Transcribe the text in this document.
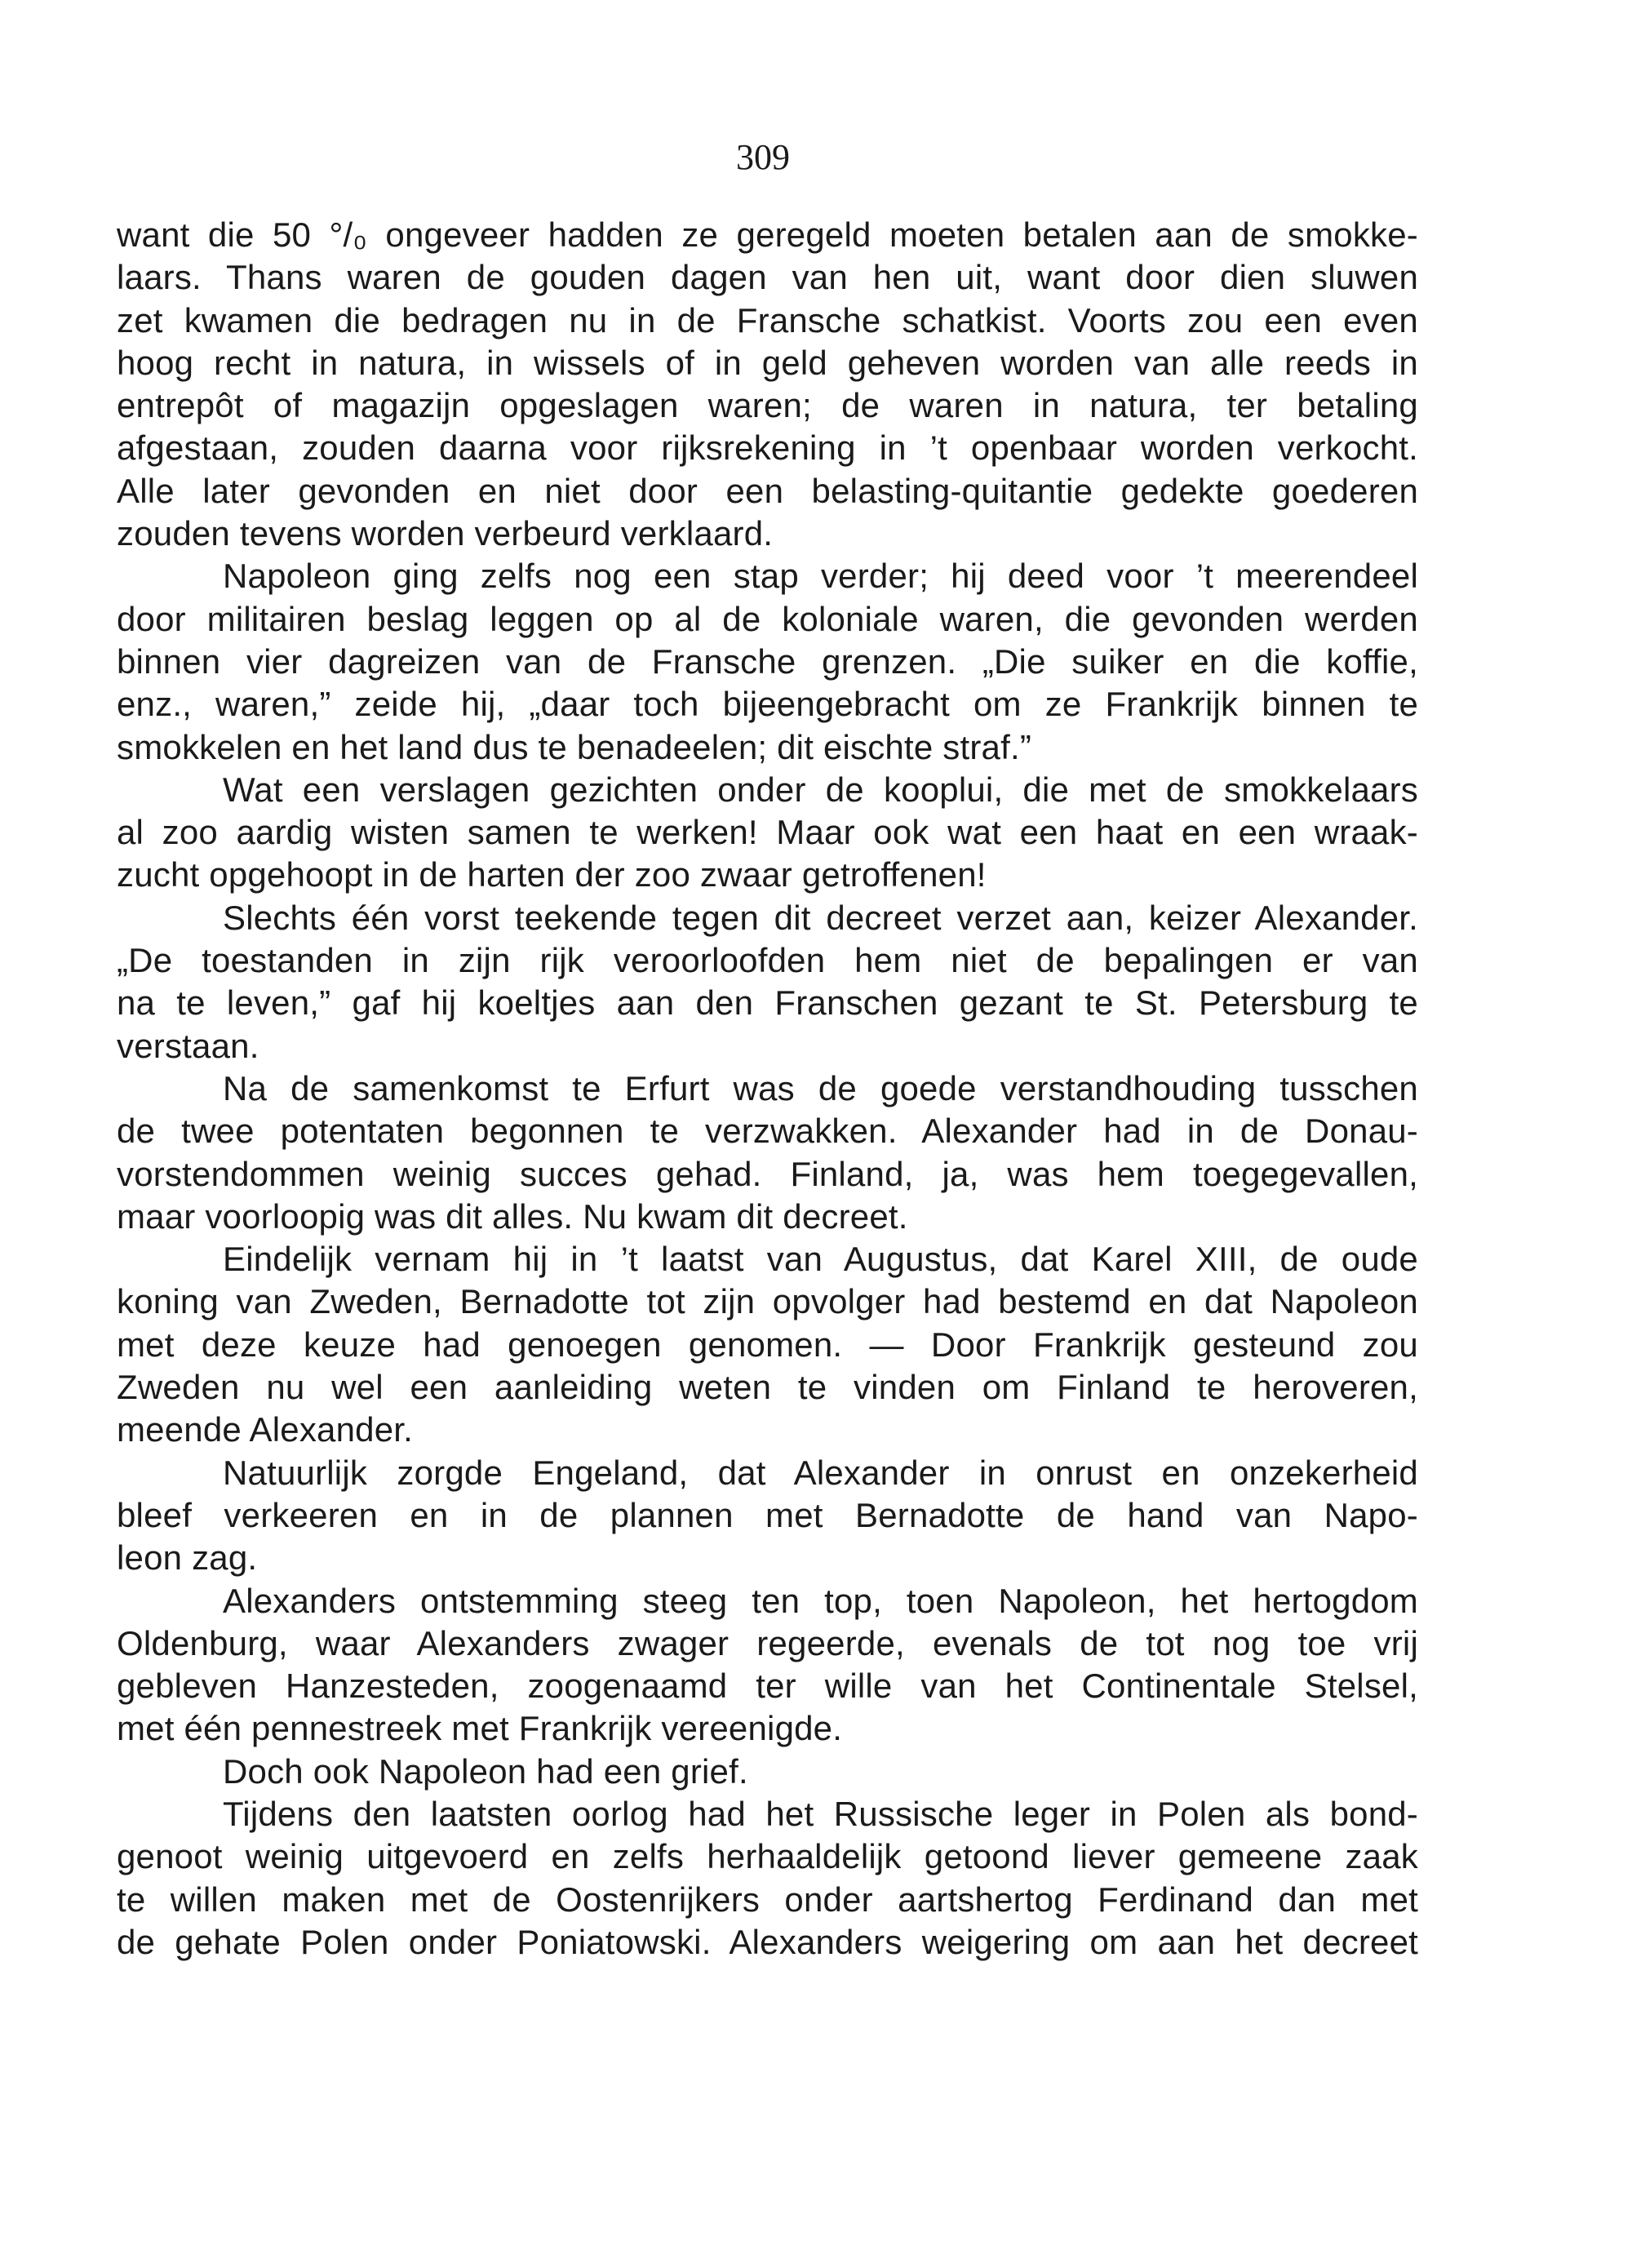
309
want die 50 °/₀ ongeveer hadden ze geregeld moeten betalen aan de smokke-
laars. Thans waren de gouden dagen van hen uit, want door dien sluwen
zet kwamen die bedragen nu in de Fransche schatkist. Voorts zou een even
hoog recht in natura, in wissels of in geld geheven worden van alle reeds in
entrepôt of magazijn opgeslagen waren; de waren in natura, ter betaling
afgestaan, zouden daarna voor rijksrekening in ’t openbaar worden verkocht.
Alle later gevonden en niet door een belasting-quitantie gedekte goederen
zouden tevens worden verbeurd verklaard.
Napoleon ging zelfs nog een stap verder; hij deed voor ’t meerendeel
door militairen beslag leggen op al de koloniale waren, die gevonden werden
binnen vier dagreizen van de Fransche grenzen. „Die suiker en die koffie,
enz., waren,” zeide hij, „daar toch bijeengebracht om ze Frankrijk binnen te
smokkelen en het land dus te benadeelen; dit eischte straf.”
Wat een verslagen gezichten onder de kooplui, die met de smokkelaars
al zoo aardig wisten samen te werken! Maar ook wat een haat en een wraak-
zucht opgehoopt in de harten der zoo zwaar getroffenen!
Slechts één vorst teekende tegen dit decreet verzet aan, keizer Alexander.
„De toestanden in zijn rijk veroorloofden hem niet de bepalingen er van
na te leven,” gaf hij koeltjes aan den Franschen gezant te St. Petersburg te
verstaan.
Na de samenkomst te Erfurt was de goede verstandhouding tusschen
de twee potentaten begonnen te verzwakken. Alexander had in de Donau-
vorstendommen weinig succes gehad. Finland, ja, was hem toegegevallen,
maar voorloopig was dit alles. Nu kwam dit decreet.
Eindelijk vernam hij in ’t laatst van Augustus, dat Karel XIII, de oude
koning van Zweden, Bernadotte tot zijn opvolger had bestemd en dat Napoleon
met deze keuze had genoegen genomen. — Door Frankrijk gesteund zou
Zweden nu wel een aanleiding weten te vinden om Finland te heroveren,
meende Alexander.
Natuurlijk zorgde Engeland, dat Alexander in onrust en onzekerheid
bleef verkeeren en in de plannen met Bernadotte de hand van Napo-
leon zag.
Alexanders ontstemming steeg ten top, toen Napoleon, het hertogdom
Oldenburg, waar Alexanders zwager regeerde, evenals de tot nog toe vrij
gebleven Hanzesteden, zoogenaamd ter wille van het Continentale Stelsel,
met één pennestreek met Frankrijk vereenigde.
Doch ook Napoleon had een grief.
Tijdens den laatsten oorlog had het Russische leger in Polen als bond-
genoot weinig uitgevoerd en zelfs herhaaldelijk getoond liever gemeene zaak
te willen maken met de Oostenrijkers onder aartshertog Ferdinand dan met
de gehate Polen onder Poniatowski. Alexanders weigering om aan het decreet
